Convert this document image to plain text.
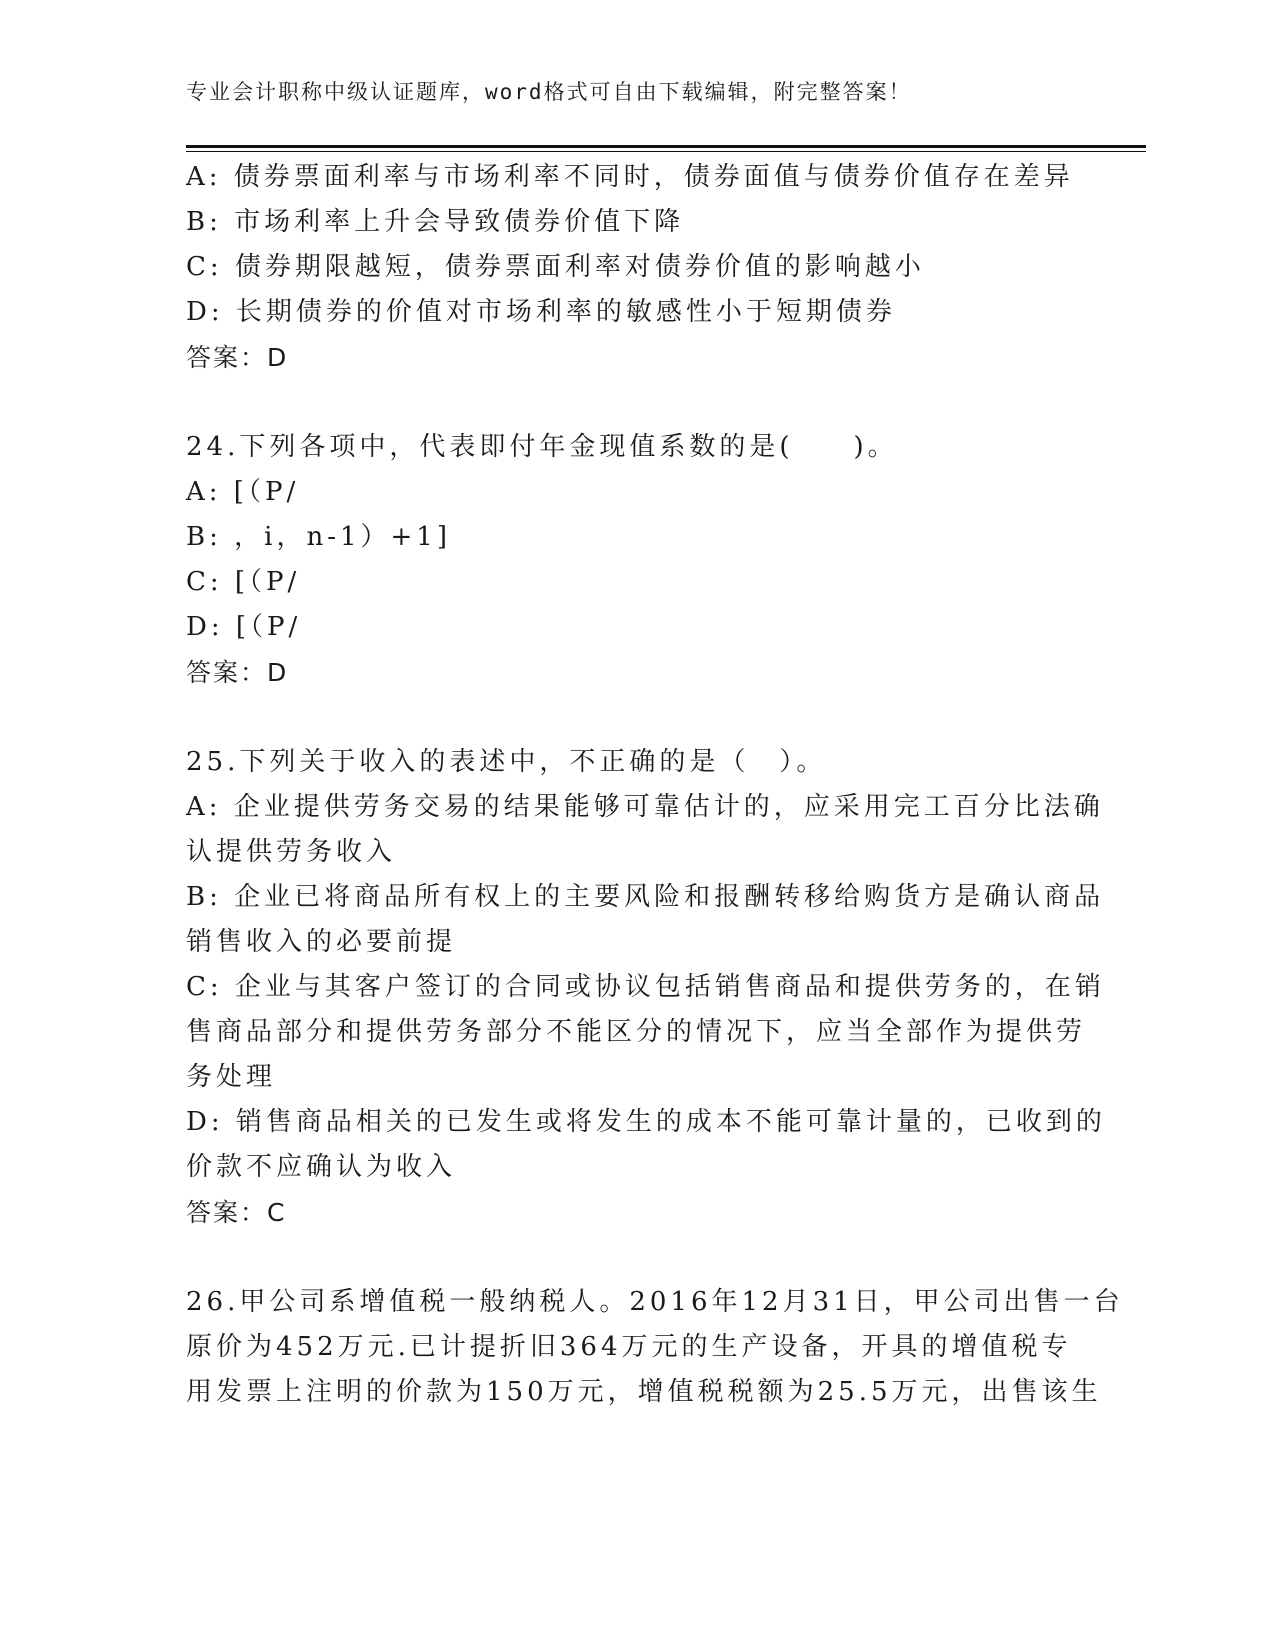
专业会计职称中级认证题库，word格式可自由下载编辑，附完整答案！
A: 债券票面利率与市场利率不同时，债券面值与债券价值存在差异
B: 市场利率上升会导致债券价值下降
C: 债券期限越短，债券票面利率对债券价值的影响越小
D: 长期债券的价值对市场利率的敏感性小于短期债券
答案：D
24.下列各项中，代表即付年金现值系数的是(　　)。
A: [（P/
B: ，i，n-1）+1]
C: [（P/
D: [（P/
答案：D
25.下列关于收入的表述中，不正确的是（　）。
A: 企业提供劳务交易的结果能够可靠估计的，应采用完工百分比法确
认提供劳务收入
B: 企业已将商品所有权上的主要风险和报酬转移给购货方是确认商品
销售收入的必要前提
C: 企业与其客户签订的合同或协议包括销售商品和提供劳务的，在销
售商品部分和提供劳务部分不能区分的情况下，应当全部作为提供劳
务处理
D: 销售商品相关的已发生或将发生的成本不能可靠计量的，已收到的
价款不应确认为收入
答案：C
26.甲公司系增值税一般纳税人。2016年12月31日，甲公司出售一台
原价为452万元.已计提折旧364万元的生产设备，开具的增值税专
用发票上注明的价款为150万元，增值税税额为25.5万元，出售该生
